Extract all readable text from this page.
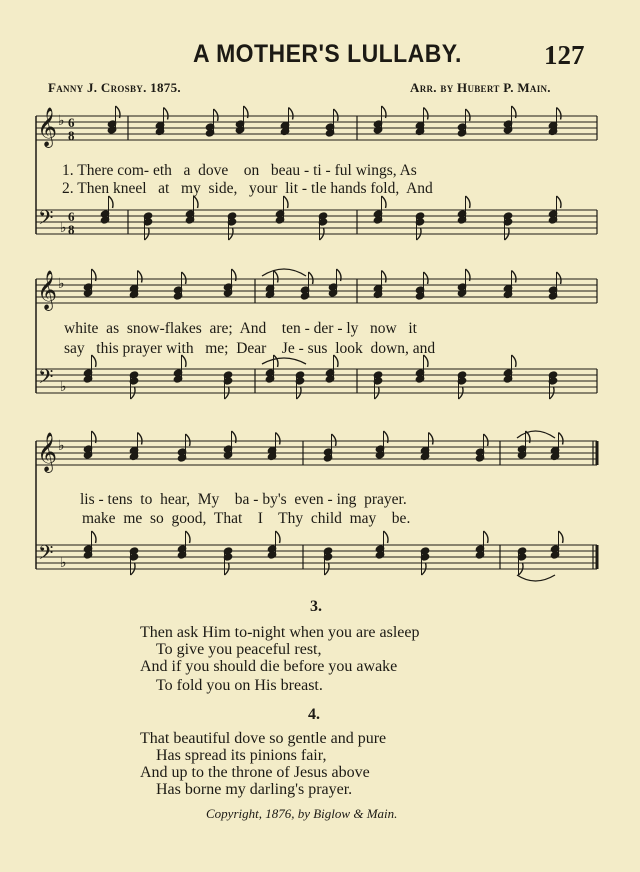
A MOTHER'S LULLABY.	127
Fanny J. Crosby. 1875.	Arr. by Hubert P. Main.
𝄞
𝄢
♭
♭
6
8
6
8
𝄞
𝄢
♭
♭
𝄞
𝄢
♭
♭
1. There com- eth   a  dove    on   beau - ti - ful wings, As
2. Then kneel   at   my  side,   your  lit - tle hands fold,  And
white  as  snow-flakes  are;  And    ten - der - ly   now   it
say   this prayer with   me;  Dear    Je - sus  look  down, and
lis - tens  to  hear,  My    ba - by's  even - ing  prayer.
make  me  so  good,  That    I    Thy  child  may    be.
3.
Then ask Him to-night when you are asleep
To give you peaceful rest,
And if you should die before you awake
To fold you on His breast.
4.
That beautiful dove so gentle and pure
Has spread its pinions fair,
And up to the throne of Jesus above
Has borne my darling's prayer.
Copyright, 1876, by Biglow & Main.
